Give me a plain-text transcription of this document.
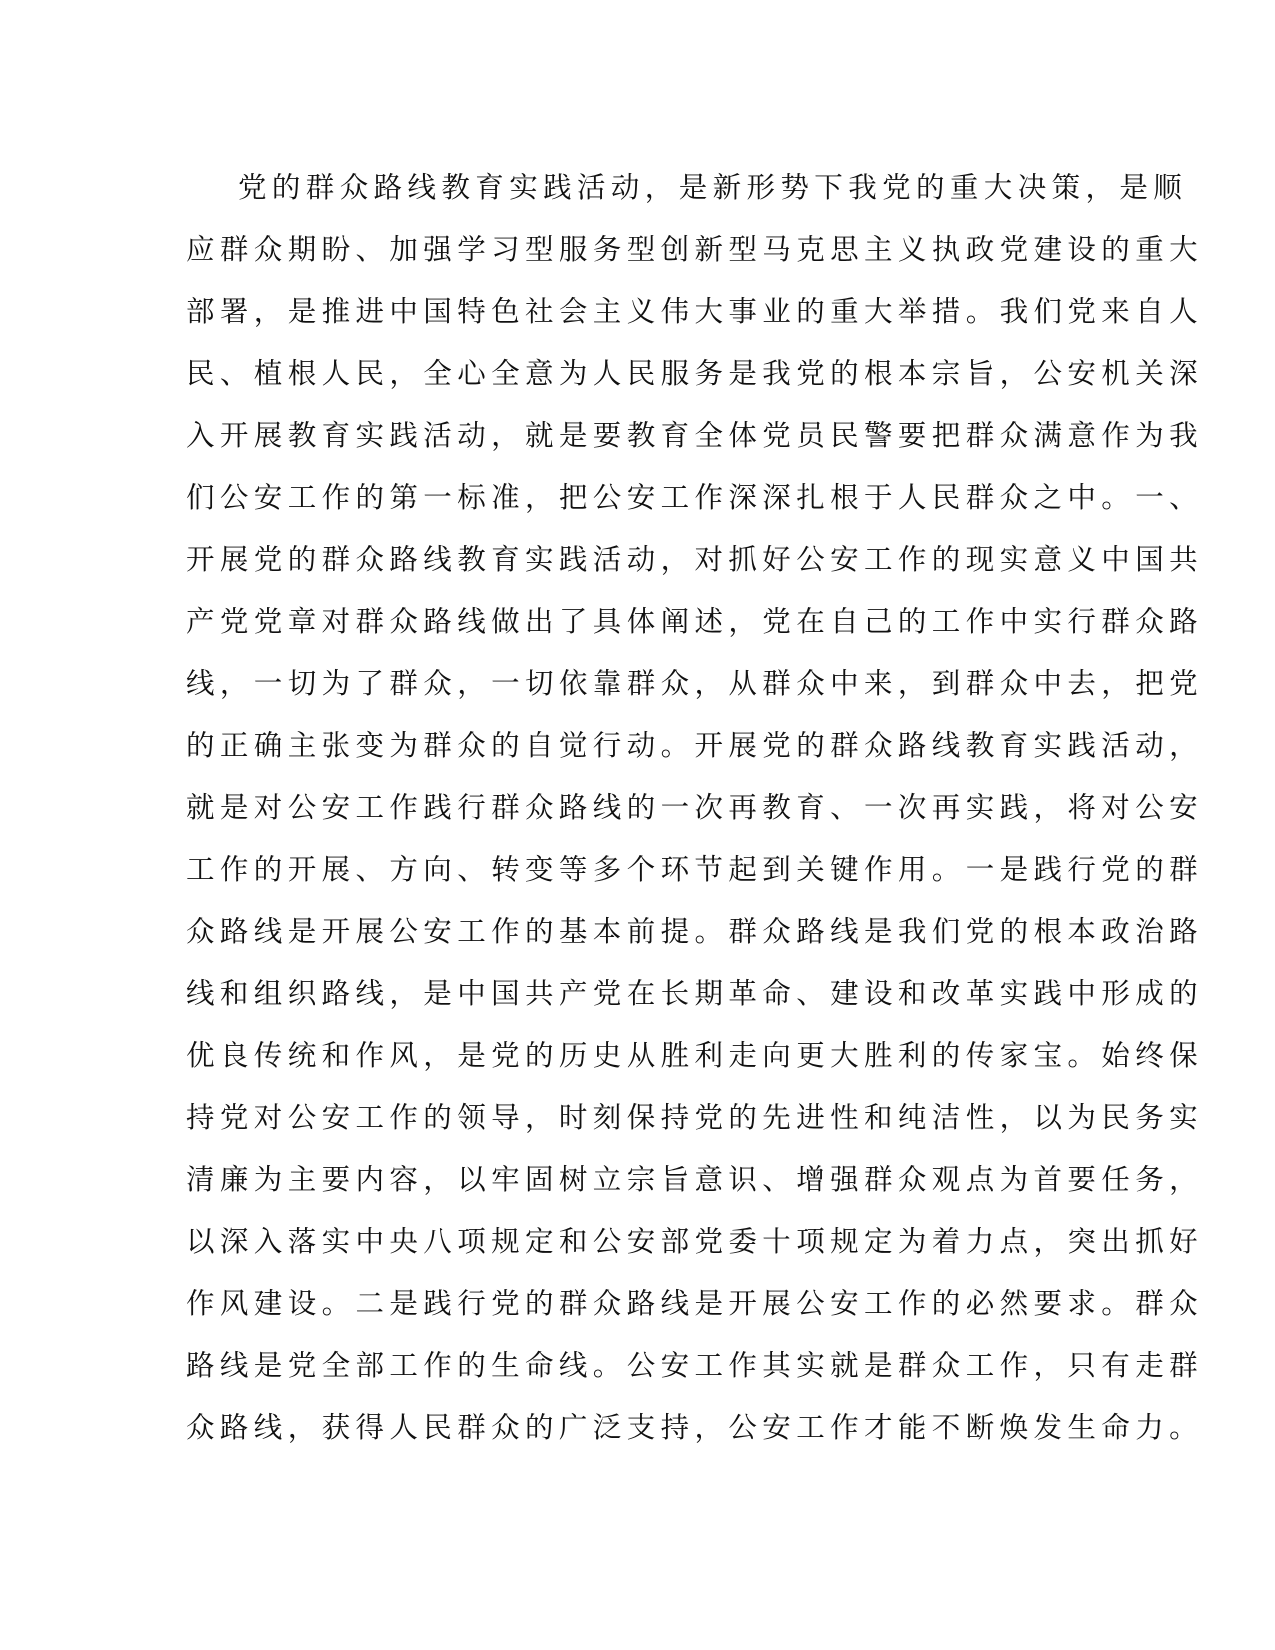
党的群众路线教育实践活动，是新形势下我党的重大决策，是顺
应群众期盼、加强学习型服务型创新型马克思主义执政党建设的重大
部署，是推进中国特色社会主义伟大事业的重大举措。我们党来自人
民、植根人民，全心全意为人民服务是我党的根本宗旨，公安机关深
入开展教育实践活动，就是要教育全体党员民警要把群众满意作为我
们公安工作的第一标准，把公安工作深深扎根于人民群众之中。一、
开展党的群众路线教育实践活动，对抓好公安工作的现实意义中国共
产党党章对群众路线做出了具体阐述，党在自己的工作中实行群众路
线，一切为了群众，一切依靠群众，从群众中来，到群众中去，把党
的正确主张变为群众的自觉行动。开展党的群众路线教育实践活动，
就是对公安工作践行群众路线的一次再教育、一次再实践，将对公安
工作的开展、方向、转变等多个环节起到关键作用。一是践行党的群
众路线是开展公安工作的基本前提。群众路线是我们党的根本政治路
线和组织路线，是中国共产党在长期革命、建设和改革实践中形成的
优良传统和作风，是党的历史从胜利走向更大胜利的传家宝。始终保
持党对公安工作的领导，时刻保持党的先进性和纯洁性，以为民务实
清廉为主要内容，以牢固树立宗旨意识、增强群众观点为首要任务，
以深入落实中央八项规定和公安部党委十项规定为着力点，突出抓好
作风建设。二是践行党的群众路线是开展公安工作的必然要求。群众
路线是党全部工作的生命线。公安工作其实就是群众工作，只有走群
众路线，获得人民群众的广泛支持，公安工作才能不断焕发生命力。
